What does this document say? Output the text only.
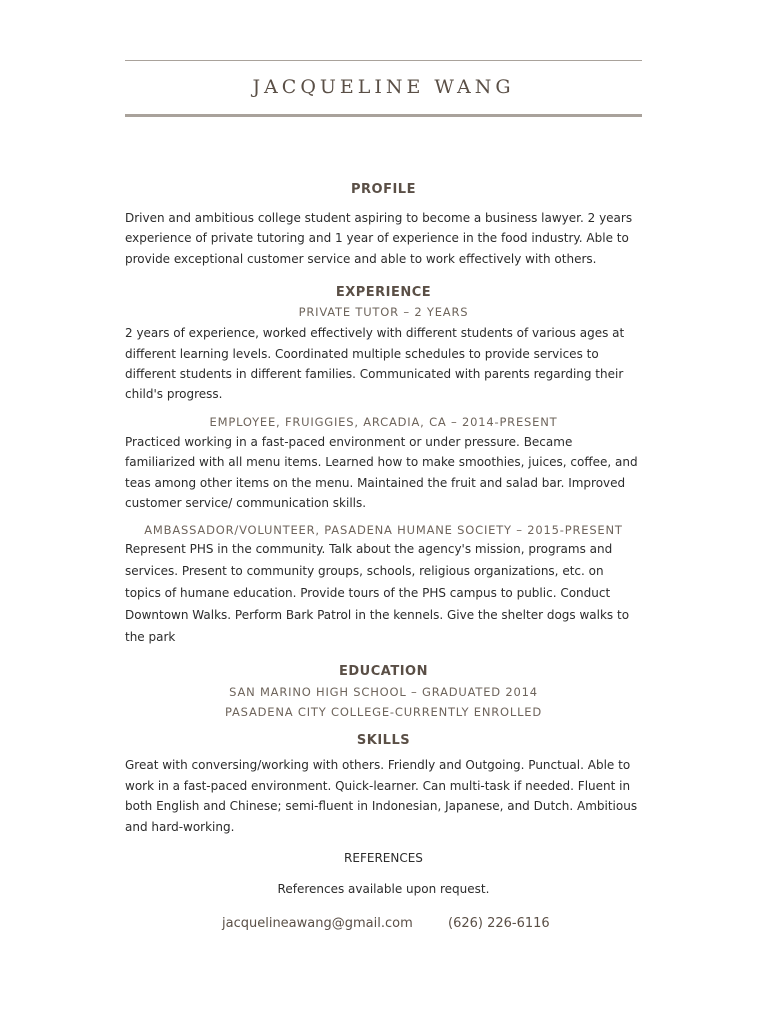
JACQUELINE WANG
PROFILE

Driven and ambitious college student aspiring to become a business lawyer. 2 years experience of private tutoring and 1 year of experience in the food industry. Able to provide exceptional customer service and able to work effectively with others.

EXPERIENCE
PRIVATE TUTOR – 2 YEARS

2 years of experience, worked effectively with different students of various ages at different learning levels. Coordinated multiple schedules to provide services to different students in different families. Communicated with parents regarding their child's progress.

EMPLOYEE, FRUIGGIES, ARCADIA, CA – 2014-PRESENT

Practiced working in a fast-paced environment or under pressure. Became familiarized with all menu items. Learned how to make smoothies, juices, coffee, and teas among other items on the menu. Maintained the fruit and salad bar. Improved customer service/ communication skills.

AMBASSADOR/VOLUNTEER, PASADENA HUMANE SOCIETY – 2015-PRESENT

Represent PHS in the community. Talk about the agency's mission, programs and services. Present to community groups, schools, religious organizations, etc. on topics of humane education. Provide tours of the PHS campus to public. Conduct Downtown Walks. Perform Bark Patrol in the kennels. Give the shelter dogs walks to the park

EDUCATION
SAN MARINO HIGH SCHOOL – GRADUATED 2014
PASADENA CITY COLLEGE-CURRENTLY ENROLLED
SKILLS

Great with conversing/working with others. Friendly and Outgoing. Punctual. Able to work in a fast-paced environment. Quick-learner. Can multi-task if needed. Fluent in both English and Chinese; semi-fluent in Indonesian, Japanese, and Dutch. Ambitious and hard-working.

REFERENCES
References available upon request.
jacquelineawang@gmail.com	(626) 226-6116
